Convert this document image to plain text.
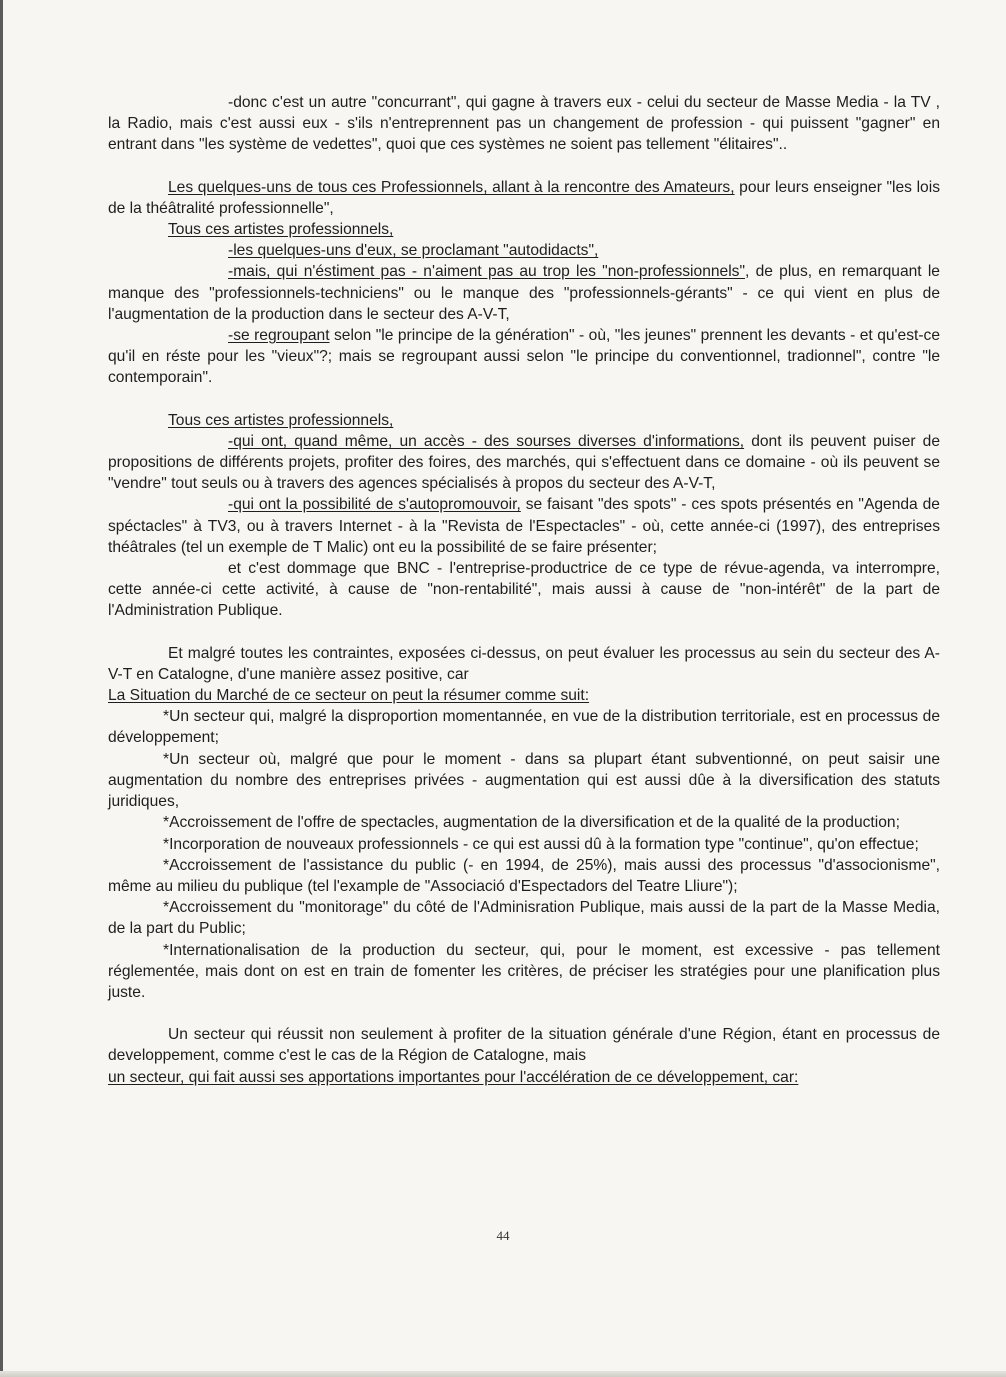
-donc c'est un autre "concurrant", qui gagne à travers eux - celui du secteur de Masse Media - la TV , la Radio, mais c'est aussi eux - s'ils n'entreprennent pas un changement de profession - qui puissent "gagner" en entrant dans "les système de vedettes", quoi que ces systèmes ne soient pas tellement "élitaires"..

Les quelques-uns de tous ces Professionnels, allant à la rencontre des Amateurs, pour leurs enseigner "les lois de la théâtralité professionnelle",

Tous ces artistes professionnels,

-les quelques-uns d'eux, se proclamant "autodidacts",

-mais, qui n'éstiment pas - n'aiment pas au trop les "non-professionnels", de plus, en remarquant le manque des "professionnels-techniciens" ou le manque des "professionnels-gérants" - ce qui vient en plus de l'augmentation de la production dans le secteur des A-V-T,

-se regroupant selon "le principe de la génération" - où, "les jeunes" prennent les devants - et qu'est-ce qu'il en réste pour les "vieux"?; mais se regroupant aussi selon "le principe du conventionnel, tradionnel", contre "le contemporain".

Tous ces artistes professionnels,

-qui ont, quand même, un accès - des sourses diverses d'informations, dont ils peuvent puiser de propositions de différents projets, profiter des foires, des marchés, qui s'effectuent dans ce domaine - où ils peuvent se "vendre" tout seuls ou à travers des agences spécialisés à propos du secteur des A-V-T,

-qui ont la possibilité de s'autopromouvoir, se faisant "des spots" - ces spots présentés en "Agenda de spéctacles" à TV3, ou à travers Internet - à la "Revista de l'Espectacles" - où, cette année-ci (1997), des entreprises théâtrales (tel un exemple de T Malic) ont eu la possibilité de se faire présenter;

et c'est dommage que BNC - l'entreprise-productrice de ce type de révue-agenda, va interrompre, cette année-ci cette activité, à cause de "non-rentabilité", mais aussi à cause de "non-intérêt" de la part de l'Administration Publique.

Et malgré toutes les contraintes, exposées ci-dessus, on peut évaluer les processus au sein du secteur des A-V-T en Catalogne, d'une manière assez positive, car

La Situation du Marché de ce secteur on peut la résumer comme suit:

*Un secteur qui, malgré la disproportion momentannée, en vue de la distribution territoriale, est en processus de développement;

*Un secteur où, malgré que pour le moment - dans sa plupart étant subventionné, on peut saisir une augmentation du nombre des entreprises privées - augmentation qui est aussi dûe à la diversification des statuts juridiques,

*Accroissement de l'offre de spectacles, augmentation de la diversification et de la qualité de la production;

*Incorporation de nouveaux professionnels - ce qui est aussi dû à la formation type "continue", qu'on effectue;

*Accroissement de l'assistance du public (- en 1994, de 25%), mais aussi des processus "d'associonisme", même au milieu du publique (tel l'example de "Associació d'Espectadors del Teatre Lliure");

*Accroissement du "monitorage" du côté de l'Adminisration Publique, mais aussi de la part de la Masse Media, de la part du Public;

*Internationalisation de la production du secteur, qui, pour le moment, est excessive - pas tellement réglementée, mais dont on est en train de fomenter les critères, de préciser les stratégies pour une planification plus juste.

Un secteur qui réussit non seulement à profiter de la situation générale d'une Région, étant en processus de developpement, comme c'est le cas de la Région de Catalogne, mais

un secteur, qui fait aussi ses apportations importantes pour l'accélération de ce développement, car:

44
